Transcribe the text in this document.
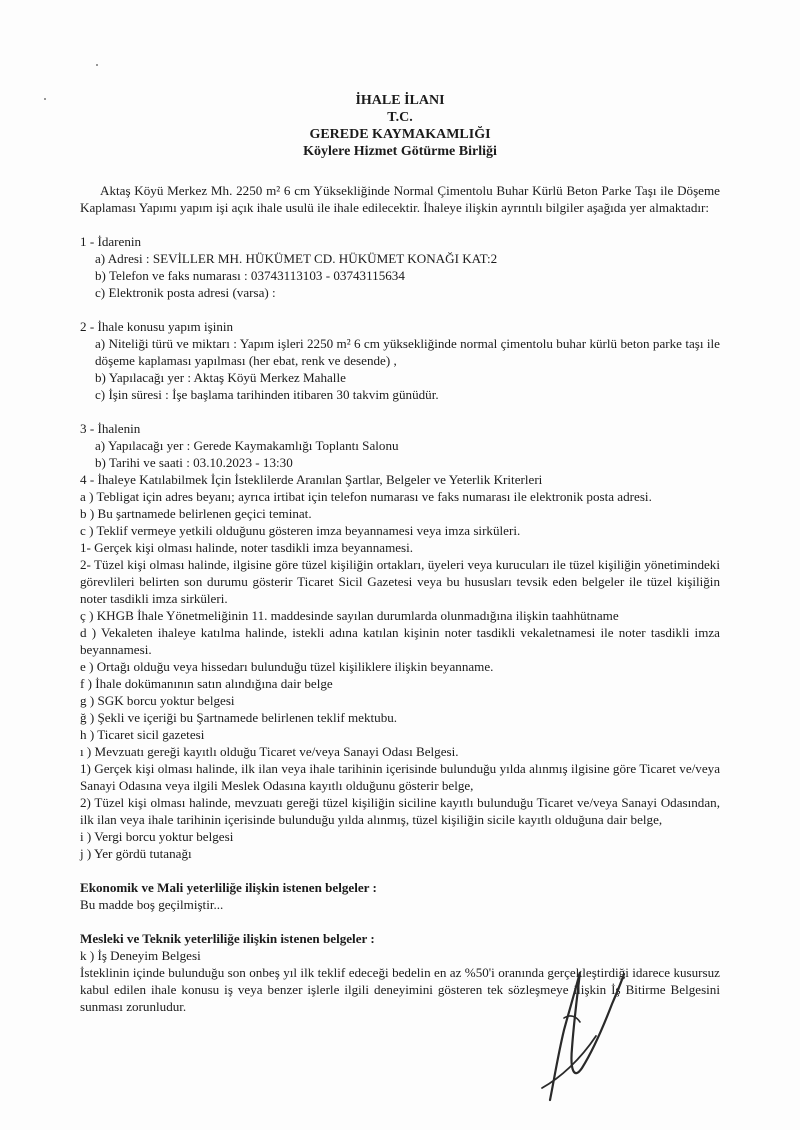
İHALE İLANI
T.C.
GEREDE KAYMAKAMLIĞI
Köylere Hizmet Götürme Birliği

Aktaş Köyü Merkez Mh. 2250 m² 6 cm Yüksekliğinde Normal Çimentolu Buhar Kürlü Beton Parke Taşı ile Döşeme Kaplaması Yapımı yapım işi açık ihale usulü ile ihale edilecektir. İhaleye ilişkin ayrıntılı bilgiler aşağıda yer almaktadır:

1 - İdarenin

a) Adresi : SEVİLLER MH. HÜKÜMET CD. HÜKÜMET KONAĞI KAT:2

b) Telefon ve faks numarası : 03743113103 - 03743115634

c) Elektronik posta adresi (varsa) :

2 - İhale konusu yapım işinin

a) Niteliği türü ve miktarı : Yapım işleri 2250 m² 6 cm yüksekliğinde normal çimentolu buhar kürlü beton parke taşı ile döşeme kaplaması yapılması (her ebat, renk ve desende) ,

b) Yapılacağı yer : Aktaş Köyü Merkez Mahalle

c) İşin süresi : İşe başlama tarihinden itibaren 30 takvim günüdür.

3 - İhalenin

a) Yapılacağı yer : Gerede Kaymakamlığı Toplantı Salonu

b) Tarihi ve saati : 03.10.2023 - 13:30

4 - İhaleye Katılabilmek İçin İsteklilerde Aranılan Şartlar, Belgeler ve Yeterlik Kriterleri

a ) Tebligat için adres beyanı; ayrıca irtibat için telefon numarası ve faks numarası ile elektronik posta adresi.

b ) Bu şartnamede belirlenen geçici teminat.

c ) Teklif vermeye yetkili olduğunu gösteren imza beyannamesi veya imza sirküleri.

1- Gerçek kişi olması halinde, noter tasdikli imza beyannamesi.

2- Tüzel kişi olması halinde, ilgisine göre tüzel kişiliğin ortakları, üyeleri veya kurucuları ile tüzel kişiliğin yönetimindeki görevlileri belirten son durumu gösterir Ticaret Sicil Gazetesi veya bu hususları tevsik eden belgeler ile tüzel kişiliğin noter tasdikli imza sirküleri.

ç ) KHGB İhale Yönetmeliğinin 11. maddesinde sayılan durumlarda olunmadığına ilişkin taahhütname

d ) Vekaleten ihaleye katılma halinde, istekli adına katılan kişinin noter tasdikli vekaletnamesi ile noter tasdikli imza beyannamesi.

e ) Ortağı olduğu veya hissedarı bulunduğu tüzel kişiliklere ilişkin beyanname.

f ) İhale dokümanının satın alındığına dair belge

g ) SGK borcu yoktur belgesi

ğ ) Şekli ve içeriği bu Şartnamede belirlenen teklif mektubu.

h ) Ticaret sicil gazetesi

ı ) Mevzuatı gereği kayıtlı olduğu Ticaret ve/veya Sanayi Odası Belgesi.

1) Gerçek kişi olması halinde, ilk ilan veya ihale tarihinin içerisinde bulunduğu yılda alınmış ilgisine göre Ticaret ve/veya Sanayi Odasına veya ilgili Meslek Odasına kayıtlı olduğunu gösterir belge,

2) Tüzel kişi olması halinde, mevzuatı gereği tüzel kişiliğin siciline kayıtlı bulunduğu Ticaret ve/veya Sanayi Odasından, ilk ilan veya ihale tarihinin içerisinde bulunduğu yılda alınmış, tüzel kişiliğin sicile kayıtlı olduğuna dair belge,

i ) Vergi borcu yoktur belgesi

j ) Yer gördü tutanağı

Ekonomik ve Mali yeterliliğe ilişkin istenen belgeler :

Bu madde boş geçilmiştir...

Mesleki ve Teknik yeterliliğe ilişkin istenen belgeler :

k ) İş Deneyim Belgesi

İsteklinin içinde bulunduğu son onbeş yıl ilk teklif edeceği bedelin en az %50'i oranında gerçekleştirdiği idarece kusursuz kabul edilen ihale konusu iş veya benzer işlerle ilgili deneyimini gösteren tek sözleşmeye ilişkin İş Bitirme Belgesini sunması zorunludur.
